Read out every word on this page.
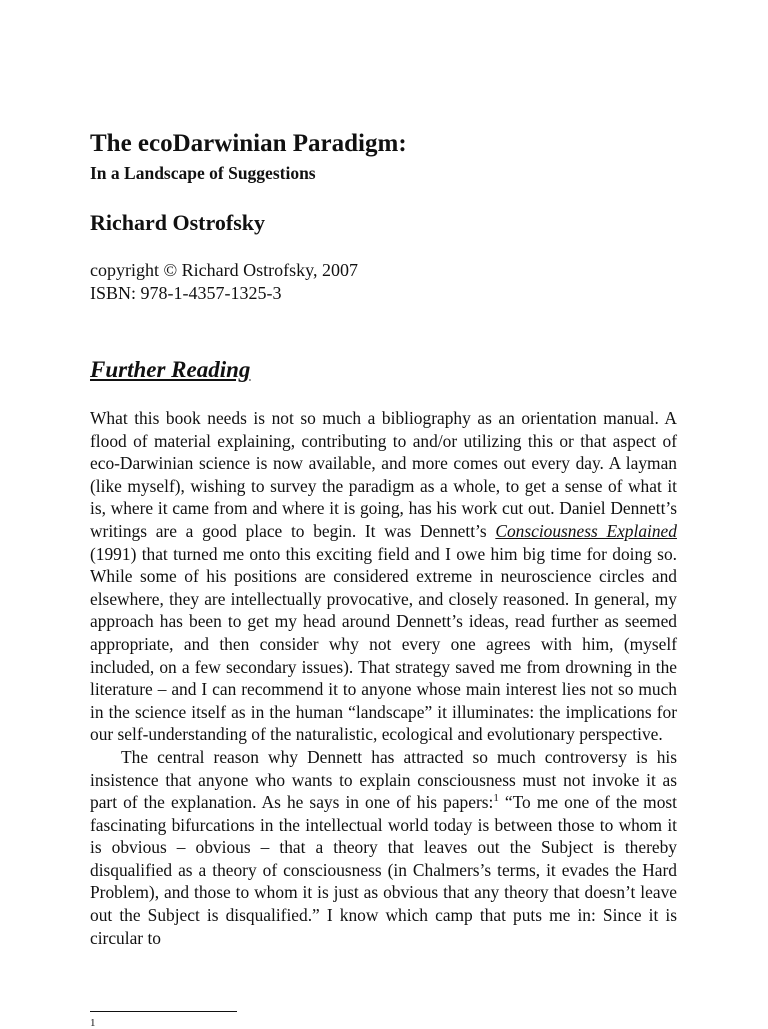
The ecoDarwinian Paradigm:
In a Landscape of Suggestions
Richard Ostrofsky
copyright © Richard Ostrofsky, 2007
ISBN: 978-1-4357-1325-3
Further Reading

What this book needs is not so much a bibliography as an orientation manual. A flood of material explaining, contributing to and/or utilizing this or that aspect of eco-Darwinian science is now available, and more comes out every day. A layman (like myself), wishing to survey the paradigm as a whole, to get a sense of what it is, where it came from and where it is going, has his work cut out. Daniel Dennett’s writings are a good place to begin. It was Dennett’s Consciousness Explained (1991) that turned me onto this exciting field and I owe him big time for doing so. While some of his positions are considered extreme in neuroscience circles and elsewhere, they are intellectually provocative, and closely reasoned. In general, my approach has been to get my head around Dennett’s ideas, read further as seemed appropriate, and then consider why not every one agrees with him, (myself included, on a few secondary issues). That strategy saved me from drowning in the literature – and I can recommend it to anyone whose main interest lies not so much in the science itself as in the human “landscape” it illuminates: the implications for our self-understanding of the naturalistic, ecological and evolutionary perspective.

The central reason why Dennett has attracted so much controversy is his insistence that anyone who wants to explain consciousness must not invoke it as part of the explanation. As he says in one of his papers:$^1$ “To me one of the most fascinating bifurcations in the intellectual world today is between those to whom it is obvious – obvious – that a theory that leaves out the Subject is thereby disqualified as a theory of consciousness (in Chalmers’s terms, it evades the Hard Problem), and those to whom it is just as obvious that any theory that doesn’t leave out the Subject is disqualified.” I know which camp that puts me in: Since it is circular to

1
